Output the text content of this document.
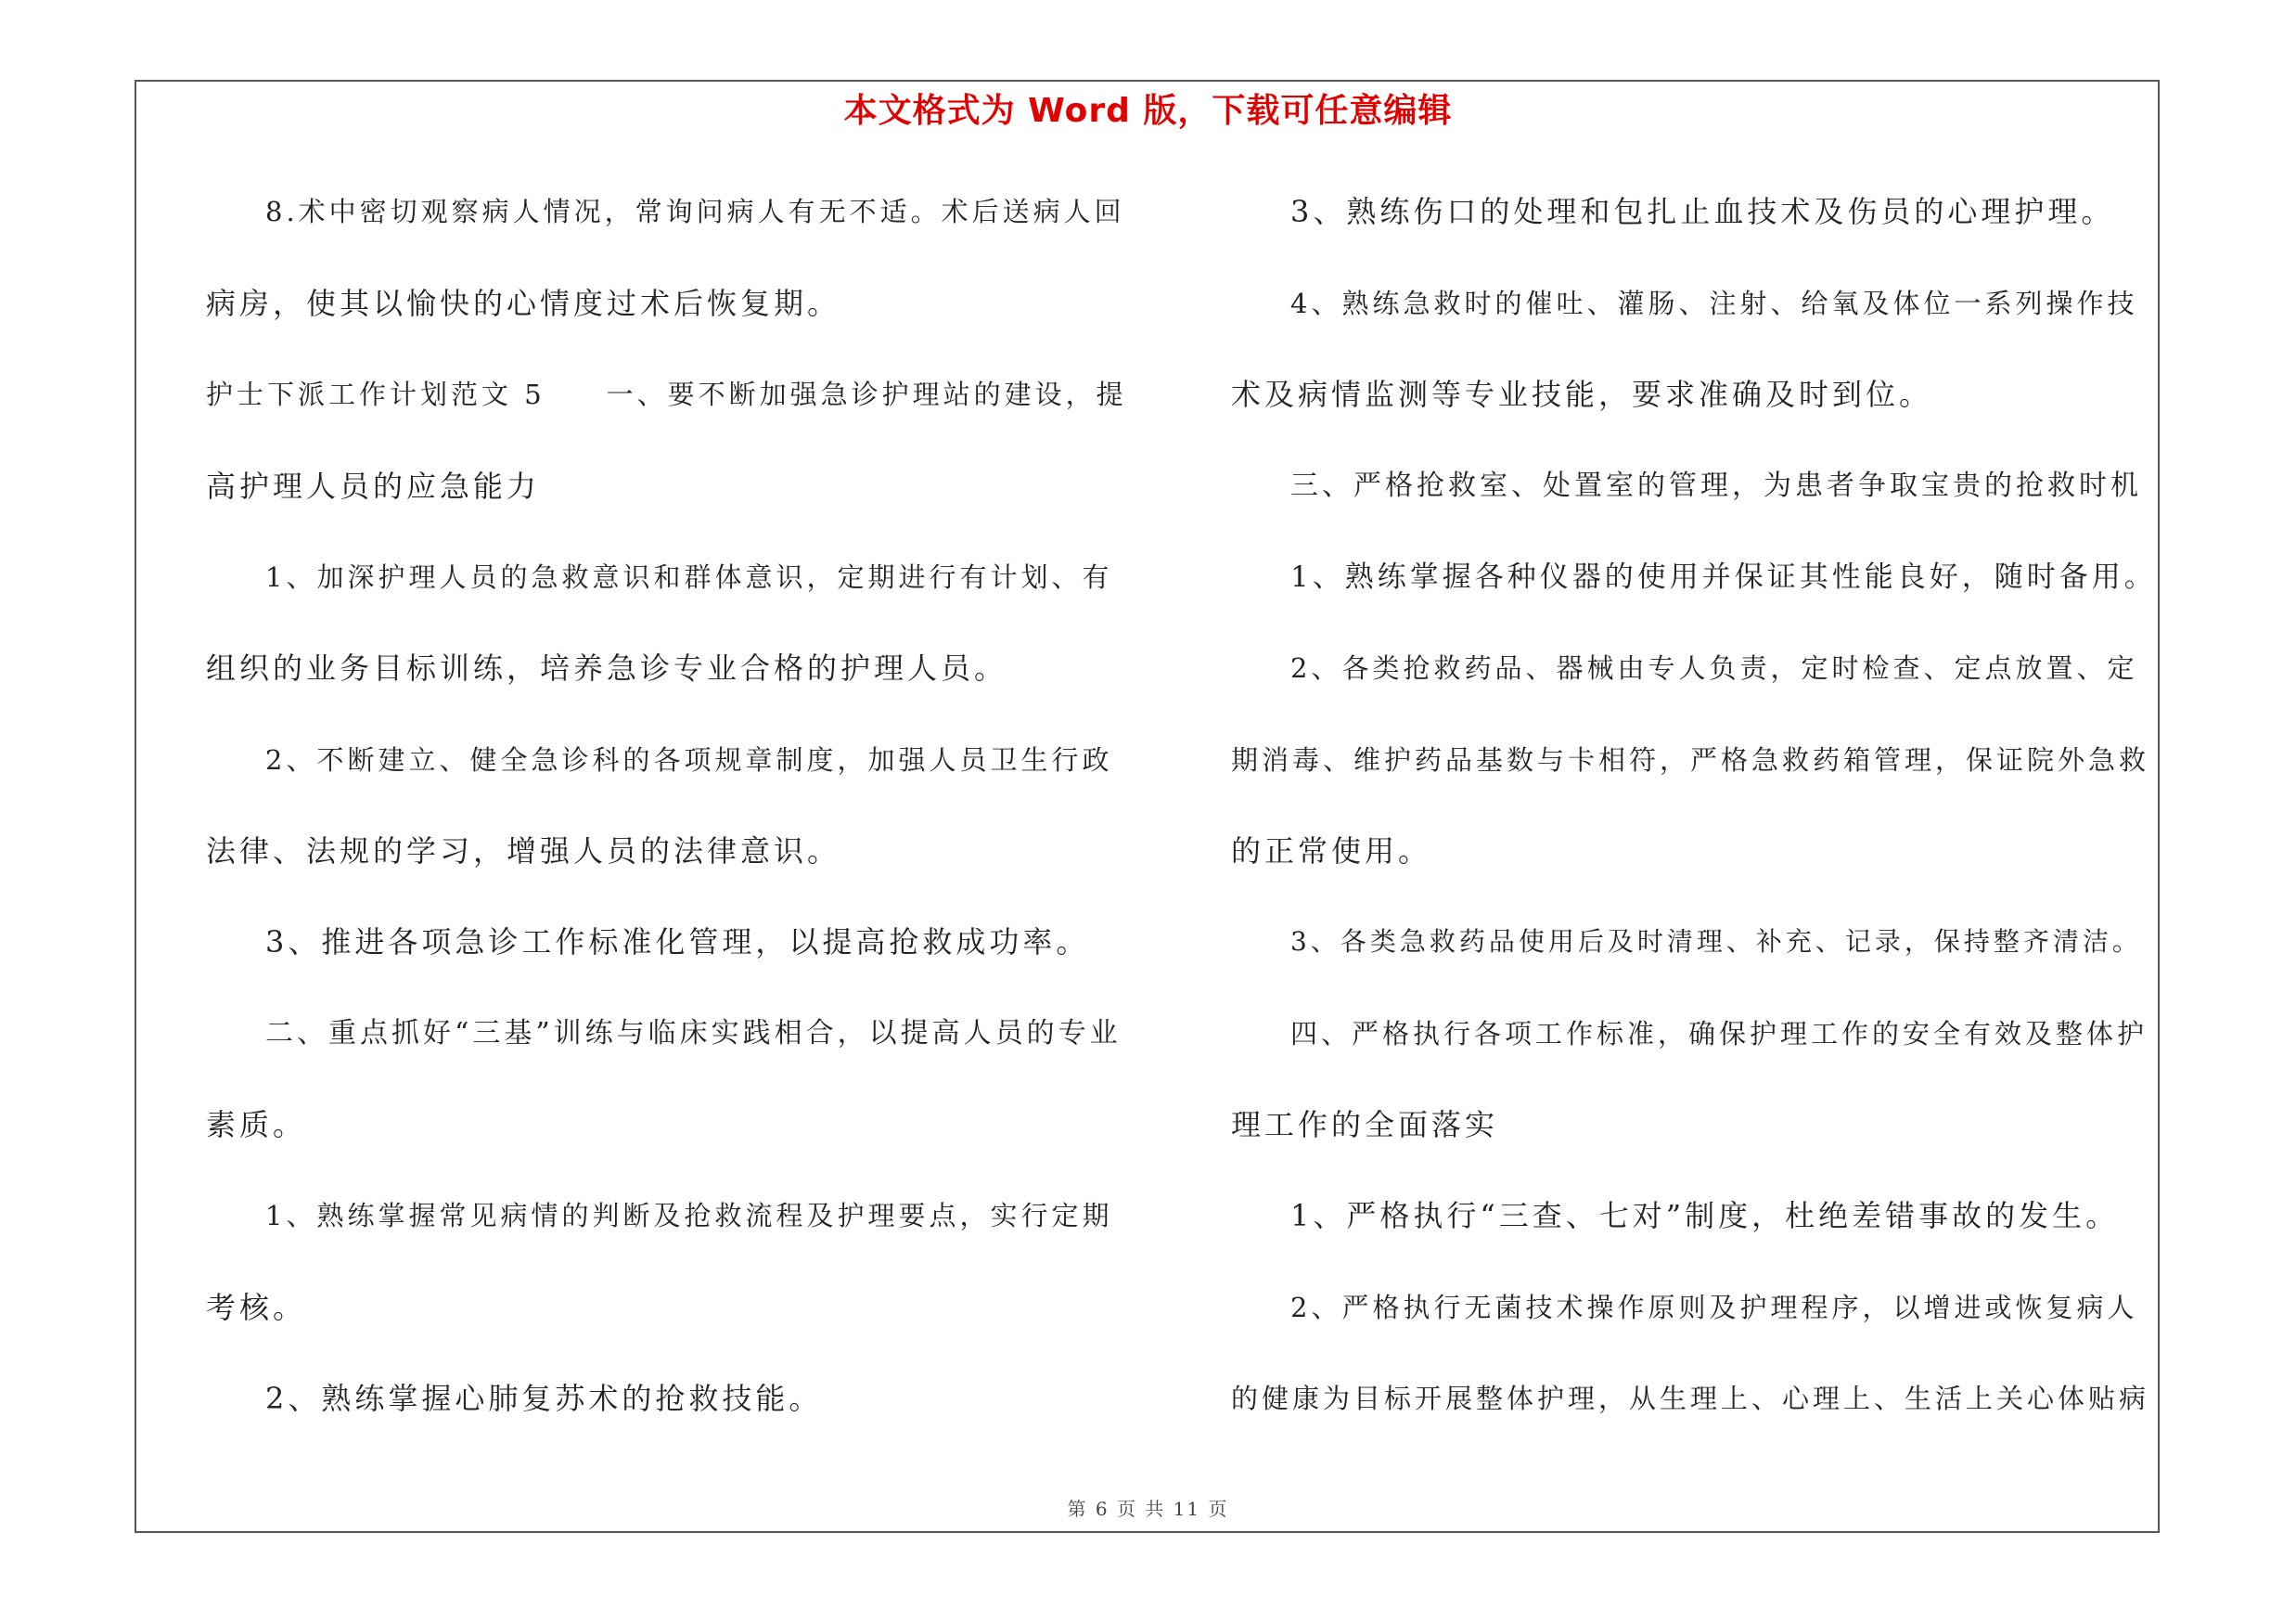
本文格式为 Word 版，下载可任意编辑
8.术中密切观察病人情况，常询问病人有无不适。术后送病人回
病房，使其以愉快的心情度过术后恢复期。
护士下派工作计划范文 5　　一、要不断加强急诊护理站的建设，提
高护理人员的应急能力
1、加深护理人员的急救意识和群体意识，定期进行有计划、有
组织的业务目标训练，培养急诊专业合格的护理人员。
2、不断建立、健全急诊科的各项规章制度，加强人员卫生行政
法律、法规的学习，增强人员的法律意识。
3、推进各项急诊工作标准化管理，以提高抢救成功率。
二、重点抓好“三基”训练与临床实践相合，以提高人员的专业
素质。
1、熟练掌握常见病情的判断及抢救流程及护理要点，实行定期
考核。
2、熟练掌握心肺复苏术的抢救技能。
3、熟练伤口的处理和包扎止血技术及伤员的心理护理。
4、熟练急救时的催吐、灌肠、注射、给氧及体位一系列操作技
术及病情监测等专业技能，要求准确及时到位。
三、严格抢救室、处置室的管理，为患者争取宝贵的抢救时机
1、熟练掌握各种仪器的使用并保证其性能良好，随时备用。
2、各类抢救药品、器械由专人负责，定时检查、定点放置、定
期消毒、维护药品基数与卡相符，严格急救药箱管理，保证院外急救
的正常使用。
3、各类急救药品使用后及时清理、补充、记录，保持整齐清洁。
四、严格执行各项工作标准，确保护理工作的安全有效及整体护
理工作的全面落实
1、严格执行“三查、七对”制度，杜绝差错事故的发生。
2、严格执行无菌技术操作原则及护理程序，以增进或恢复病人
的健康为目标开展整体护理，从生理上、心理上、生活上关心体贴病
第 6 页 共 11 页
